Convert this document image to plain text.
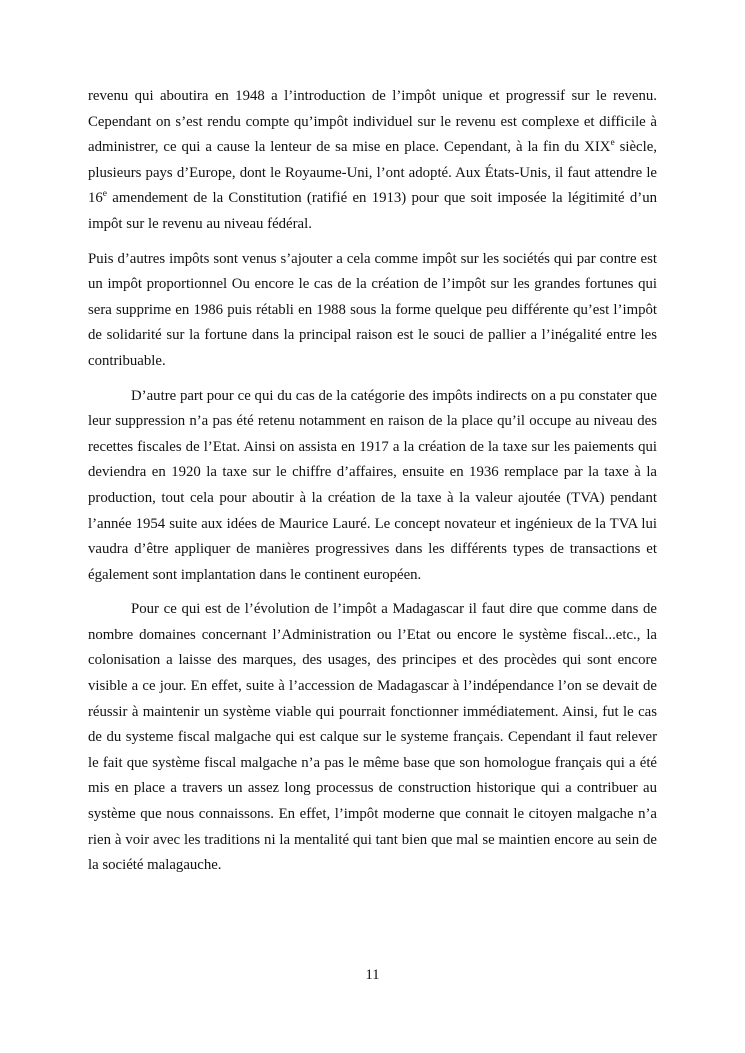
revenu qui aboutira en 1948 a l’introduction de l’impôt unique et progressif sur le revenu. Cependant on s’est rendu compte qu’impôt individuel sur le revenu est complexe et difficile à administrer, ce qui a cause la lenteur de sa mise en place. Cependant, à la fin du XIXe siècle, plusieurs pays d’Europe, dont le Royaume-Uni, l’ont adopté. Aux États-Unis, il faut attendre le 16e amendement de la Constitution (ratifié en 1913) pour que soit imposée la légitimité d’un impôt sur le revenu au niveau fédéral.

Puis d’autres impôts sont venus s’ajouter a cela comme impôt sur les sociétés qui par contre est un impôt proportionnel Ou encore le cas de la création de l’impôt sur les grandes fortunes qui sera supprime en 1986 puis rétabli en 1988 sous la forme quelque peu différente qu’est l’impôt de solidarité sur la fortune dans la principal raison est le souci de pallier a l’inégalité entre les contribuable.

D’autre part pour ce qui du cas de la catégorie des impôts indirects on a pu constater que leur suppression n’a pas été retenu notamment en raison de la place qu’il occupe au niveau des recettes fiscales de l’Etat. Ainsi on assista en 1917 a la création de la taxe sur les paiements qui deviendra en 1920 la taxe sur le chiffre d’affaires, ensuite en 1936 remplace par la taxe à la production, tout cela pour aboutir à la création de la taxe à la valeur ajoutée (TVA) pendant l’année 1954 suite aux idées de Maurice Lauré. Le concept novateur et ingénieux de la TVA lui vaudra d’être appliquer de manières progressives dans les différents types de transactions et également sont implantation dans le continent européen.

Pour ce qui est de l’évolution de l’impôt a Madagascar il faut dire que comme dans de nombre domaines concernant l’Administration ou l’Etat ou encore le système fiscal...etc., la colonisation a laisse des marques, des usages, des principes et des procèdes qui sont encore visible a ce jour. En effet, suite à l’accession de Madagascar à l’indépendance l’on se devait de réussir à maintenir un système viable qui pourrait fonctionner immédiatement. Ainsi, fut le cas de du systeme fiscal malgache qui est calque sur le systeme français. Cependant il faut relever le fait que système fiscal malgache n’a pas le même base que son homologue français qui a été mis en place a travers un assez long processus de construction historique qui a contribuer au système que nous connaissons. En effet, l’impôt moderne que connait le citoyen malgache n’a rien à voir avec les traditions ni la mentalité qui tant bien que mal se maintien encore au sein de la société malagauche.

11
